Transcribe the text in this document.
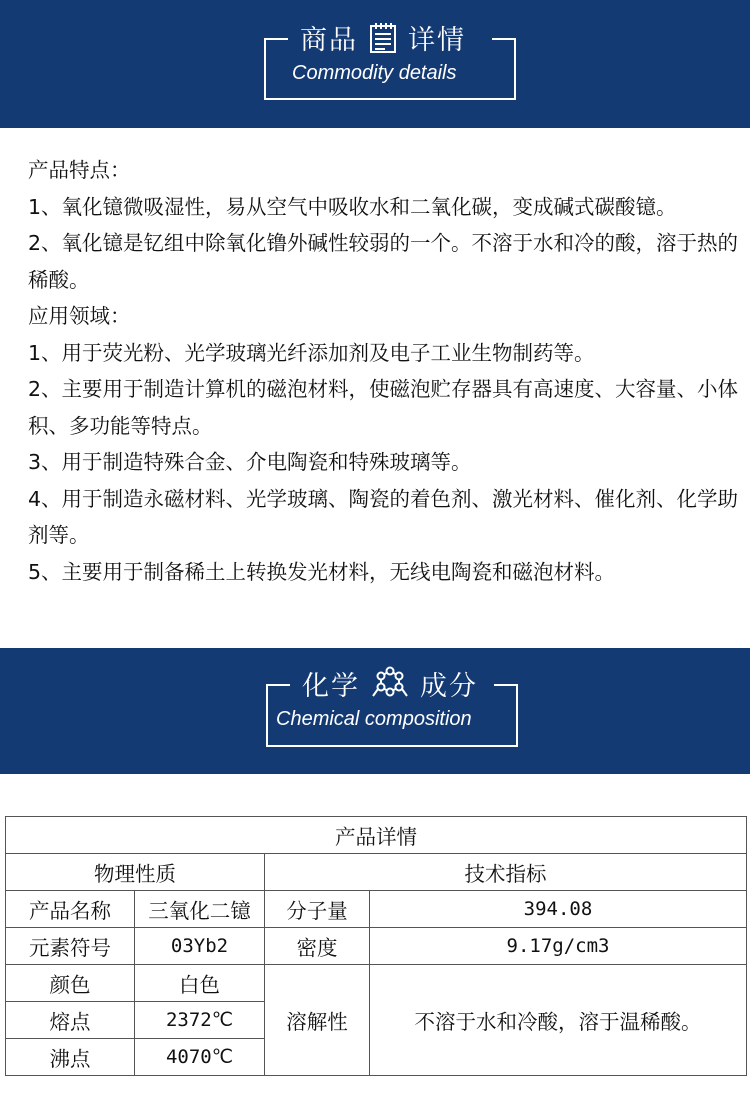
商品 详情
Commodity details

产品特点：

1、氧化镱微吸湿性，易从空气中吸收水和二氧化碳，变成碱式碳酸镱。

2、氧化镱是钇组中除氧化镥外碱性较弱的一个。不溶于水和冷的酸，溶于热的稀酸。

应用领域：

1、用于荧光粉、光学玻璃光纤添加剂及电子工业生物制药等。

2、主要用于制造计算机的磁泡材料，使磁泡贮存器具有高速度、大容量、小体积、多功能等特点。

3、用于制造特殊合金、介电陶瓷和特殊玻璃等。

4、用于制造永磁材料、光学玻璃、陶瓷的着色剂、激光材料、催化剂、化学助剂等。

5、主要用于制备稀土上转换发光材料，无线电陶瓷和磁泡材料。

化学 成分
Chemical composition
产品详情			
物理性质		技术指标	
产品名称	三氧化二镱	分子量	394.08
元素符号	03Yb2	密度	9.17g/cm3
颜色	白色	溶解性	不溶于水和冷酸，溶于温稀酸。
熔点	2372℃		
沸点	4070℃		
